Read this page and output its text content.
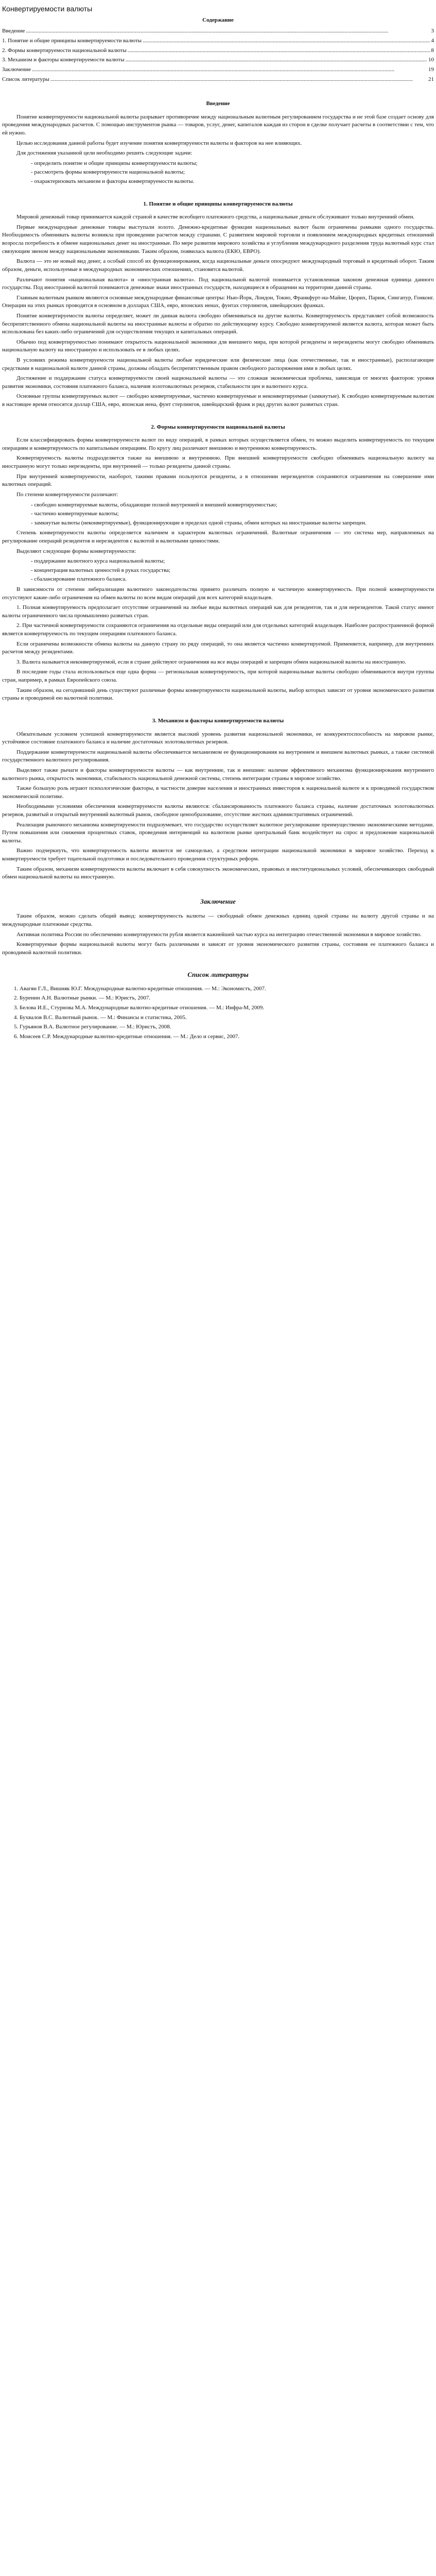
Конвертируемости валюты
Содержание
Введение .....	3
1. Понятие и общие принципы конвертируемости валюты .....	4
2. Формы конвертируемости национальной валюты .....	8
3. Механизм и факторы конвертируемости валюты .....	10
Заключение .....	19
Список литературы .....	21
Введение

Понятие конвертируемости национальной валюты разрывает противоречие между национальным валютным регулированием государства и не этой базе создает основу для проведения международных расчетов. С помощью инструментов рынка — товаров, услуг, денег, капиталов каждая из сторон в сделке получает расчеты в соответствии с тем, что ей нужно.

Целью исследования данной работы будет изучение понятия конвертируемости валюты и факторов на нее влияющих.

Для достижения указанной цели необходимо решить следующие задачи:

- определить понятие и общие принципы конвертируемости валюты;
- рассмотреть формы конвертируемости национальной валюты;
- охарактеризовать механизм и факторы конвертируемости валюты.
1. Понятие и общие принципы конвертируемости валюты

Мировой денежный товар принимается каждой страной в качестве всеобщего платежного средства, а национальные деньги обслуживают только внутренний обмен.

Первые международные денежные товары выступали золото. Денежно-кредитные функции национальных валют были ограничены рамками одного государства. Необходимость обменивать валюты возникла при проведении расчетов между странами. С развитием мировой торговли и появлением международных кредитных отношений возросла потребность в обмене национальных денег на иностранные. По мере развития мирового хозяйства и углубления международного разделения труда валютный курс стал связующим звеном между национальными экономиками. Таким образом, появилась валюта (ЕКЮ, ЕВРО).

Валюта — это не новый вид денег, а особый способ их функционирования, когда национальные деньги опосредуют международный торговый и кредитный оборот. Таким образом, деньги, используемые в международных экономических отношениях, становятся валютой.

Различают понятия «национальная валюта» и «иностранная валюта». Под национальной валютой понимается установленная законом денежная единица данного государства. Под иностранной валютой понимаются денежные знаки иностранных государств, находящиеся в обращении на территории данной страны.

Главным валютным рынком являются основные международные финансовые центры: Нью-Йорк, Лондон, Токио, Франкфурт-на-Майне, Цюрих, Париж, Сингапур, Гонконг. Операции на этих рынках проводятся в основном в долларах США, евро, японских иенах, фунтах стерлингов, швейцарских франках.

Понятие конвертируемости валюты определяет, может ли данная валюта свободно обмениваться на другие валюты. Конвертируемость представляет собой возможность беспрепятственного обмена национальной валюты на иностранные валюты и обратно по действующему курсу. Свободно конвертируемой является валюта, которая может быть использована без каких-либо ограничений для осуществления текущих и капитальных операций.

Обычно под конвертируемостью понимают открытость национальной экономики для внешнего мира, при которой резиденты и нерезиденты могут свободно обменивать национальную валюту на иностранную и использовать ее в любых целях.

В условиях режима конвертируемости национальной валюты любые юридические или физические лица (как отечественные, так и иностранные), располагающие средствами в национальной валюте данной страны, должны обладать беспрепятственным правом свободного распоряжения ими в любых целях.

Достижение и поддержание статуса конвертируемости своей национальной валюты — это сложная экономическая проблема, зависящая от многих факторов: уровня развития экономики, состояния платежного баланса, наличия золотовалютных резервов, стабильности цен и валютного курса.

Основные группы конвертируемых валют — свободно конвертируемые, частично конвертируемые и неконвертируемые (замкнутые). К свободно конвертируемым валютам в настоящее время относятся доллар США, евро, японская иена, фунт стерлингов, швейцарский франк и ряд других валют развитых стран.

2. Формы конвертируемости национальной валюты

Если классифицировать формы конвертируемости валют по виду операций, в рамках которых осуществляется обмен, то можно выделить конвертируемость по текущим операциям и конвертируемость по капитальным операциям. По кругу лиц различают внешнюю и внутреннюю конвертируемость.

Конвертируемость валюты подразделяется также на внешнюю и внутреннюю. При внешней конвертируемости свободно обменивать национальную валюту на иностранную могут только нерезиденты, при внутренней — только резиденты данной страны.

При внутренней конвертируемости, наоборот, такими правами пользуются резиденты, а в отношении нерезидентов сохраняются ограничения на совершение ими валютных операций.

По степени конвертируемости различают:

- свободно конвертируемые валюты, обладающие полной внутренней и внешней конвертируемостью;
- частично конвертируемые валюты;
- замкнутые валюты (неконвертируемые), функционирующие в пределах одной страны, обмен которых на иностранные валюты запрещен.

Степень конвертируемости валюты определяется наличием и характером валютных ограничений. Валютные ограничения — это система мер, направленных на регулирование операций резидентов и нерезидентов с валютой и валютными ценностями.

Выделяют следующие формы конвертируемости:

- поддержание валютного курса национальной валюты;
- концентрация валютных ценностей в руках государства;
- сбалансирование платежного баланса.

В зависимости от степени либерализации валютного законодательства принято различать полную и частичную конвертируемость. При полной конвертируемости отсутствуют какие-либо ограничения на обмен валюты по всем видам операций для всех категорий владельцев.

1. Полная конвертируемость предполагает отсутствие ограничений на любые виды валютных операций как для резидентов, так и для нерезидентов. Такой статус имеют валюты ограниченного числа промышленно развитых стран.

2. При частичной конвертируемости сохраняются ограничения на отдельные виды операций или для отдельных категорий владельцев. Наиболее распространенной формой является конвертируемость по текущим операциям платежного баланса.

Если ограничены возможности обмена валюты на данную страну по ряду операций, то она является частично конвертируемой. Применяется, например, для внутренних расчетов между резидентами.

3. Валюта называется неконвертируемой, если в стране действуют ограничения на все виды операций и запрещен обмен национальной валюты на иностранную.

В последние годы стала использоваться еще одна форма — региональная конвертируемость, при которой национальные валюты свободно обмениваются внутри группы стран, например, в рамках Европейского союза.

Таким образом, на сегодняшний день существуют различные формы конвертируемости национальной валюты, выбор которых зависит от уровня экономического развития страны и проводимой ею валютной политики.

3. Механизм и факторы конвертируемости валюты

Обязательным условием успешной конвертируемости является высокий уровень развития национальной экономики, ее конкурентоспособность на мировом рынке, устойчивое состояние платежного баланса и наличие достаточных золотовалютных резервов.

Поддержание конвертируемости национальной валюты обеспечивается механизмом ее функционирования на внутреннем и внешнем валютных рынках, а также системой государственного валютного регулирования.

Выделяют также рычаги и факторы конвертируемости валюты — как внутренние, так и внешние: наличие эффективного механизма функционирования внутреннего валютного рынка, открытость экономики, стабильность национальной денежной системы, степень интеграции страны в мировое хозяйство.

Также большую роль играют психологические факторы, в частности доверие населения и иностранных инвесторов к национальной валюте и к проводимой государством экономической политике.

Необходимыми условиями обеспечения конвертируемости валюты являются: сбалансированность платежного баланса страны, наличие достаточных золотовалютных резервов, развитый и открытый внутренний валютный рынок, свободное ценообразование, отсутствие жестких административных ограничений.

Реализация рыночного механизма конвертируемости подразумевает, что государство осуществляет валютное регулирование преимущественно экономическими методами. Путем повышения или снижения процентных ставок, проведения интервенций на валютном рынке центральный банк воздействует на спрос и предложение национальной валюты.

Важно подчеркнуть, что конвертируемость валюты является не самоцелью, а средством интеграции национальной экономики в мировое хозяйство. Переход к конвертируемости требует тщательной подготовки и последовательного проведения структурных реформ.

Таким образом, механизм конвертируемости валюты включает в себя совокупность экономических, правовых и институциональных условий, обеспечивающих свободный обмен национальной валюты на иностранную.

Заключение

Таким образом, можно сделать общий вывод: конвертируемость валюты — свободный обмен денежных единиц одной страны на валюту другой страны и на международные платежные средства.

Активная политика России по обеспечению конвертируемости рубля является важнейшей частью курса на интеграцию отечественной экономики в мировое хозяйство.

Конвертируемые формы национальной валюты могут быть различными и зависят от уровня экономического развития страны, состояния ее платежного баланса и проводимой валютной политики.

Список литературы
1. Авагян Г.Л., Вишняк Ю.Г. Международные валютно-кредитные отношения. — М.: Экономистъ, 2007.
2. Буренин А.Н. Валютные рынки. — М.: Юристъ, 2007.
3. Белова И.Е., Стурнова М.А. Международные валютно-кредитные отношения. — М.: Инфра-М, 2009.
4. Бухвалов В.С. Валютный рынок. — М.: Финансы и статистика, 2005.
5. Гурьянов В.А. Валютное регулирование. — М.: Юристъ, 2008.
6. Моисеев С.Р. Международные валютно-кредитные отношения. — М.: Дело и сервис, 2007.
